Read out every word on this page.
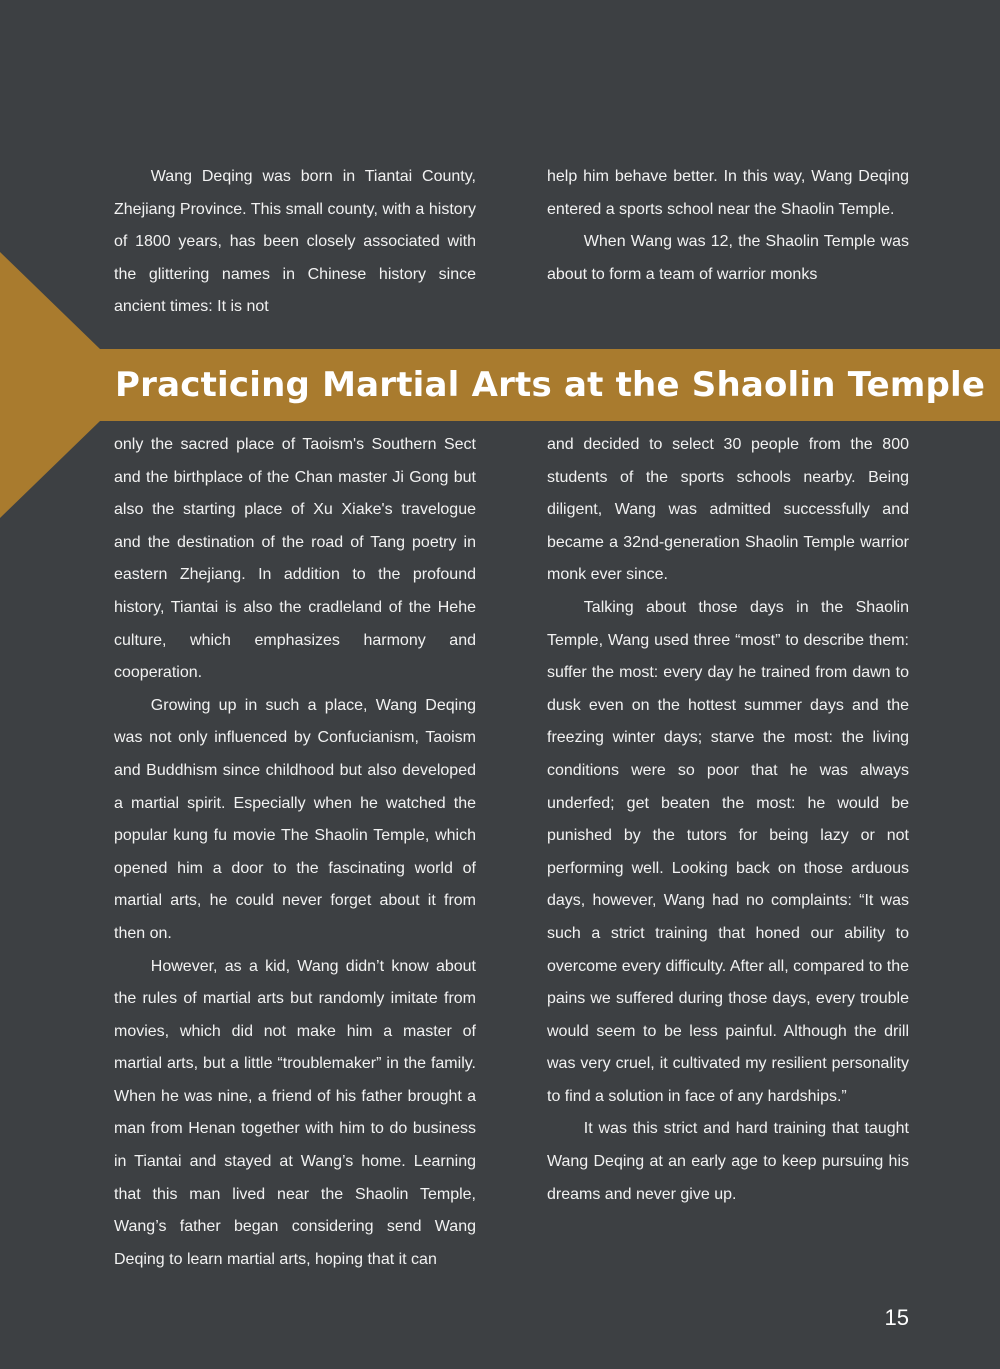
Practicing Martial Arts at the Shaolin Temple

Wang Deqing was born in Tiantai County, Zhejiang Province. This small county, with a history of 1800 years, has been closely associated with the glittering names in Chinese history since ancient times: It is not

help him behave better. In this way, Wang Deqing entered a sports school near the Shaolin Temple.

When Wang was 12, the Shaolin Temple was about to form a team of warrior monks

only the sacred place of Taoism's Southern Sect and the birthplace of the Chan master Ji Gong but also the starting place of Xu Xiake's travelogue and the destination of the road of Tang poetry in eastern Zhejiang. In addition to the profound history, Tiantai is also the cradleland of the Hehe culture, which emphasizes harmony and cooperation.

Growing up in such a place, Wang Deqing was not only influenced by Confucianism, Taoism and Buddhism since childhood but also developed a martial spirit. Especially when he watched the popular kung fu movie The Shaolin Temple, which opened him a door to the fascinating world of martial arts, he could never forget about it from then on.

However, as a kid, Wang didn’t know about the rules of martial arts but randomly imitate from movies, which did not make him a master of martial arts, but a little “troublemaker” in the family. When he was nine, a friend of his father brought a man from Henan together with him to do business in Tiantai and stayed at Wang’s home. Learning that this man lived near the Shaolin Temple, Wang’s father began considering send Wang Deqing to learn martial arts, hoping that it can

and decided to select 30 people from the 800 students of the sports schools nearby. Being diligent, Wang was admitted successfully and became a 32nd-generation Shaolin Temple warrior monk ever since.

Talking about those days in the Shaolin Temple, Wang used three “most” to describe them: suffer the most: every day he trained from dawn to dusk even on the hottest summer days and the freezing winter days; starve the most: the living conditions were so poor that he was always underfed; get beaten the most: he would be punished by the tutors for being lazy or not performing well. Looking back on those arduous days, however, Wang had no complaints: “It was such a strict training that honed our ability to overcome every difficulty. After all, compared to the pains we suffered during those days, every trouble would seem to be less painful. Although the drill was very cruel, it cultivated my resilient personality to find a solution in face of any hardships.”

It was this strict and hard training that taught Wang Deqing at an early age to keep pursuing his dreams and never give up.

15
